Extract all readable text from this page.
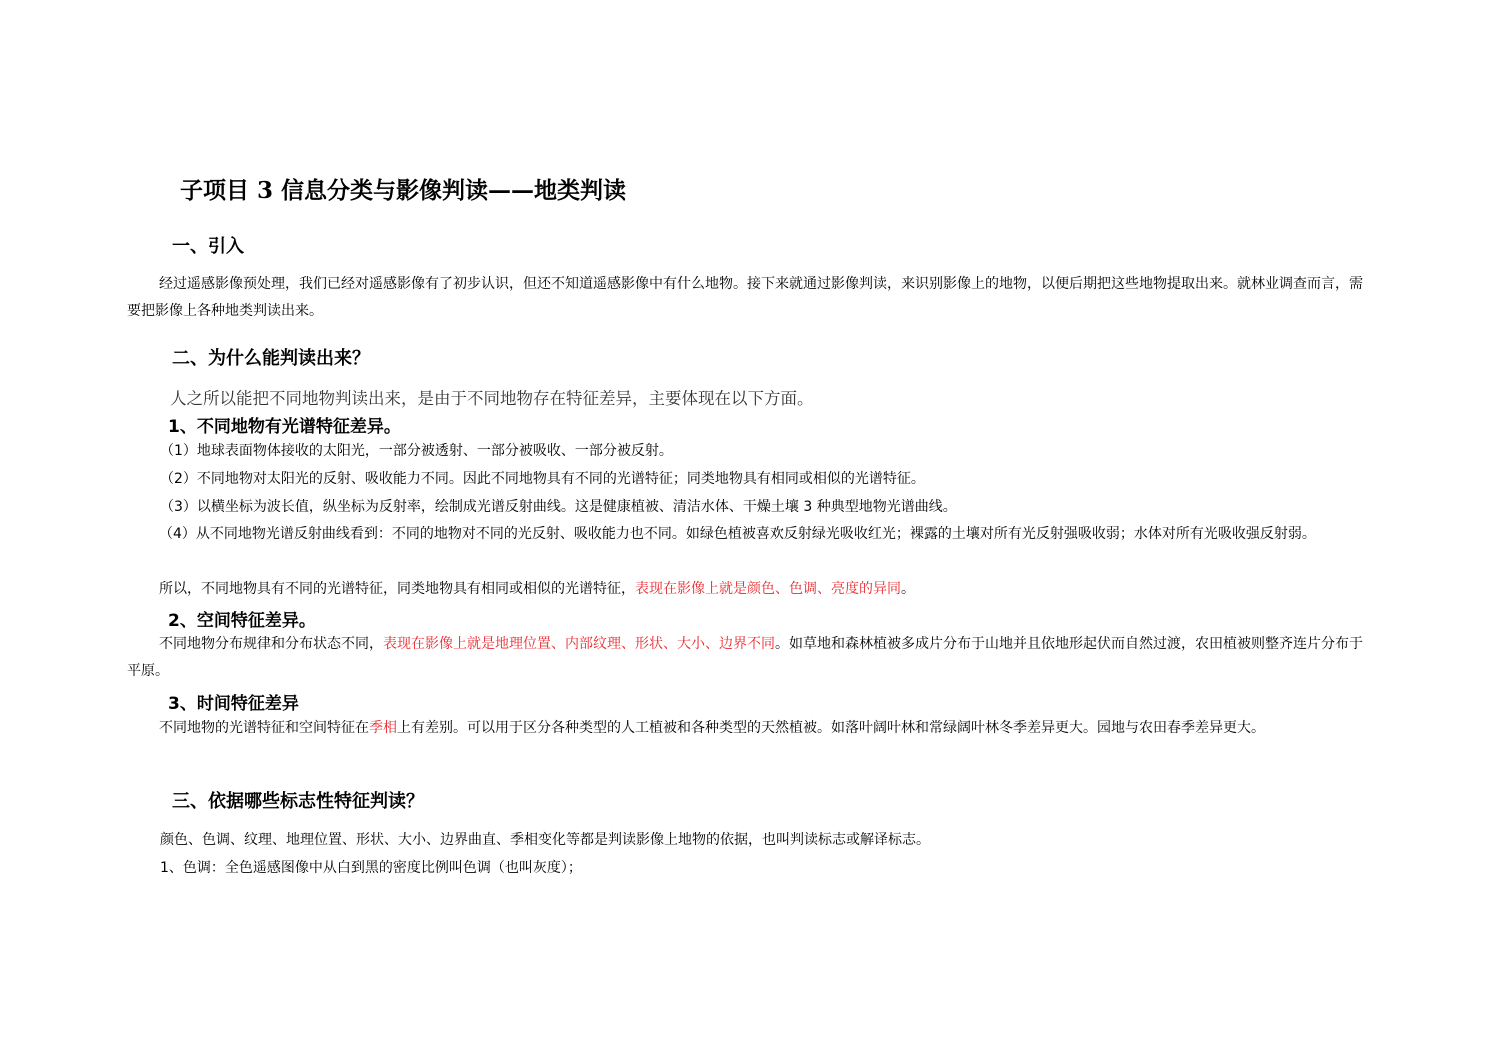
子项目 3 信息分类与影像判读——地类判读
一、引入

经过遥感影像预处理，我们已经对遥感影像有了初步认识，但还不知道遥感影像中有什么地物。接下来就通过影像判读，来识别影像上的地物，以便后期把这些地物提取出来。就林业调查而言，需要把影像上各种地类判读出来。

二、为什么能判读出来？
人之所以能把不同地物判读出来，是由于不同地物存在特征差异，主要体现在以下方面。
1、不同地物有光谱特征差异。
（1）地球表面物体接收的太阳光，一部分被透射、一部分被吸收、一部分被反射。
（2）不同地物对太阳光的反射、吸收能力不同。因此不同地物具有不同的光谱特征；同类地物具有相同或相似的光谱特征。
（3）以横坐标为波长值，纵坐标为反射率，绘制成光谱反射曲线。这是健康植被、清洁水体、干燥土壤 3 种典型地物光谱曲线。

（4）从不同地物光谱反射曲线看到：不同的地物对不同的光反射、吸收能力也不同。如绿色植被喜欢反射绿光吸收红光；裸露的土壤对所有光反射强吸收弱；水体对所有光吸收强反射弱。

所以，不同地物具有不同的光谱特征，同类地物具有相同或相似的光谱特征，表现在影像上就是颜色、色调、亮度的异同。

2、空间特征差异。

不同地物分布规律和分布状态不同，表现在影像上就是地理位置、内部纹理、形状、大小、边界不同。如草地和森林植被多成片分布于山地并且依地形起伏而自然过渡，农田植被则整齐连片分布于平原。

3、时间特征差异

不同地物的光谱特征和空间特征在季相上有差别。可以用于区分各种类型的人工植被和各种类型的天然植被。如落叶阔叶林和常绿阔叶林冬季差异更大。园地与农田春季差异更大。

三、依据哪些标志性特征判读？
颜色、色调、纹理、地理位置、形状、大小、边界曲直、季相变化等都是判读影像上地物的依据，也叫判读标志或解译标志。
1、色调：全色遥感图像中从白到黑的密度比例叫色调（也叫灰度）；
